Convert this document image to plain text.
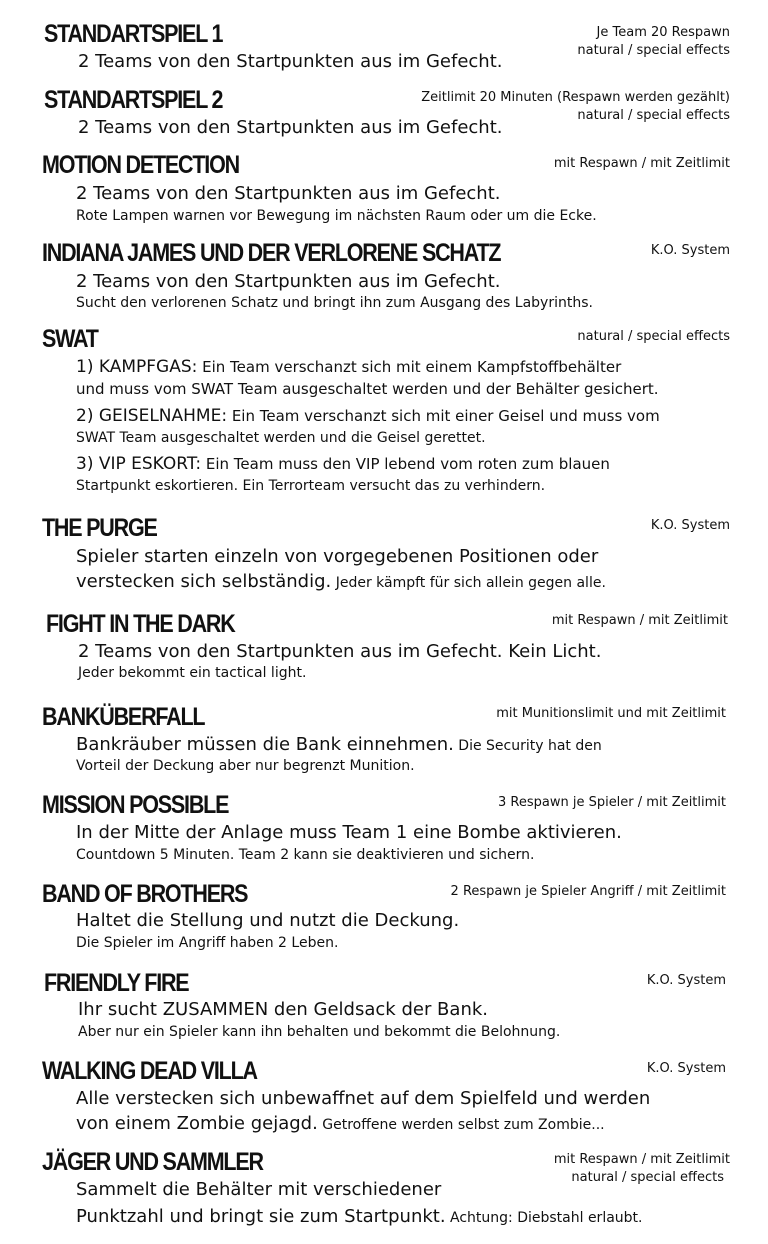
STANDARTSPIEL 1	Je Team 20 Respawn
natural / special effects
2 Teams von den Startpunkten aus im Gefecht.
STANDARTSPIEL 2	Zeitlimit 20 Minuten (Respawn werden gezählt)
natural / special effects
2 Teams von den Startpunkten aus im Gefecht.
MOTION DETECTION	mit Respawn / mit Zeitlimit
2 Teams von den Startpunkten aus im Gefecht.
Rote Lampen warnen vor Bewegung im nächsten Raum oder um die Ecke.
INDIANA JAMES UND DER VERLORENE SCHATZ	K.O. System
2 Teams von den Startpunkten aus im Gefecht.
Sucht den verlorenen Schatz und bringt ihn zum Ausgang des Labyrinths.
SWAT	natural / special effects
1) KAMPFGAS: Ein Team verschanzt sich mit einem Kampfstoffbehälter
und muss vom SWAT Team ausgeschaltet werden und der Behälter gesichert.
2) GEISELNAHME: Ein Team verschanzt sich mit einer Geisel und muss vom
SWAT Team ausgeschaltet werden und die Geisel gerettet.
3) VIP ESKORT: Ein Team muss den VIP lebend vom roten zum blauen
Startpunkt eskortieren. Ein Terrorteam versucht das zu verhindern.
THE PURGE	K.O. System
Spieler starten einzeln von vorgegebenen Positionen oder
verstecken sich selbständig. Jeder kämpft für sich allein gegen alle.
FIGHT IN THE DARK	mit Respawn / mit Zeitlimit
2 Teams von den Startpunkten aus im Gefecht. Kein Licht.
Jeder bekommt ein tactical light.
BANKÜBERFALL	mit Munitionslimit und mit Zeitlimit
Bankräuber müssen die Bank einnehmen. Die Security hat den
Vorteil der Deckung aber nur begrenzt Munition.
MISSION POSSIBLE	3 Respawn je Spieler / mit Zeitlimit
In der Mitte der Anlage muss Team 1 eine Bombe aktivieren.
Countdown 5 Minuten. Team 2 kann sie deaktivieren und sichern.
BAND OF BROTHERS	2 Respawn je Spieler Angriff / mit Zeitlimit
Haltet die Stellung und nutzt die Deckung.
Die Spieler im Angriff haben 2 Leben.
FRIENDLY FIRE	K.O. System
Ihr sucht ZUSAMMEN den Geldsack der Bank.
Aber nur ein Spieler kann ihn behalten und bekommt die Belohnung.
WALKING DEAD VILLA	K.O. System
Alle verstecken sich unbewaffnet auf dem Spielfeld und werden
von einem Zombie gejagd. Getroffene werden selbst zum Zombie...
JÄGER UND SAMMLER	mit Respawn / mit Zeitlimit
natural / special effects
Sammelt die Behälter mit verschiedener
Punktzahl und bringt sie zum Startpunkt. Achtung: Diebstahl erlaubt.
